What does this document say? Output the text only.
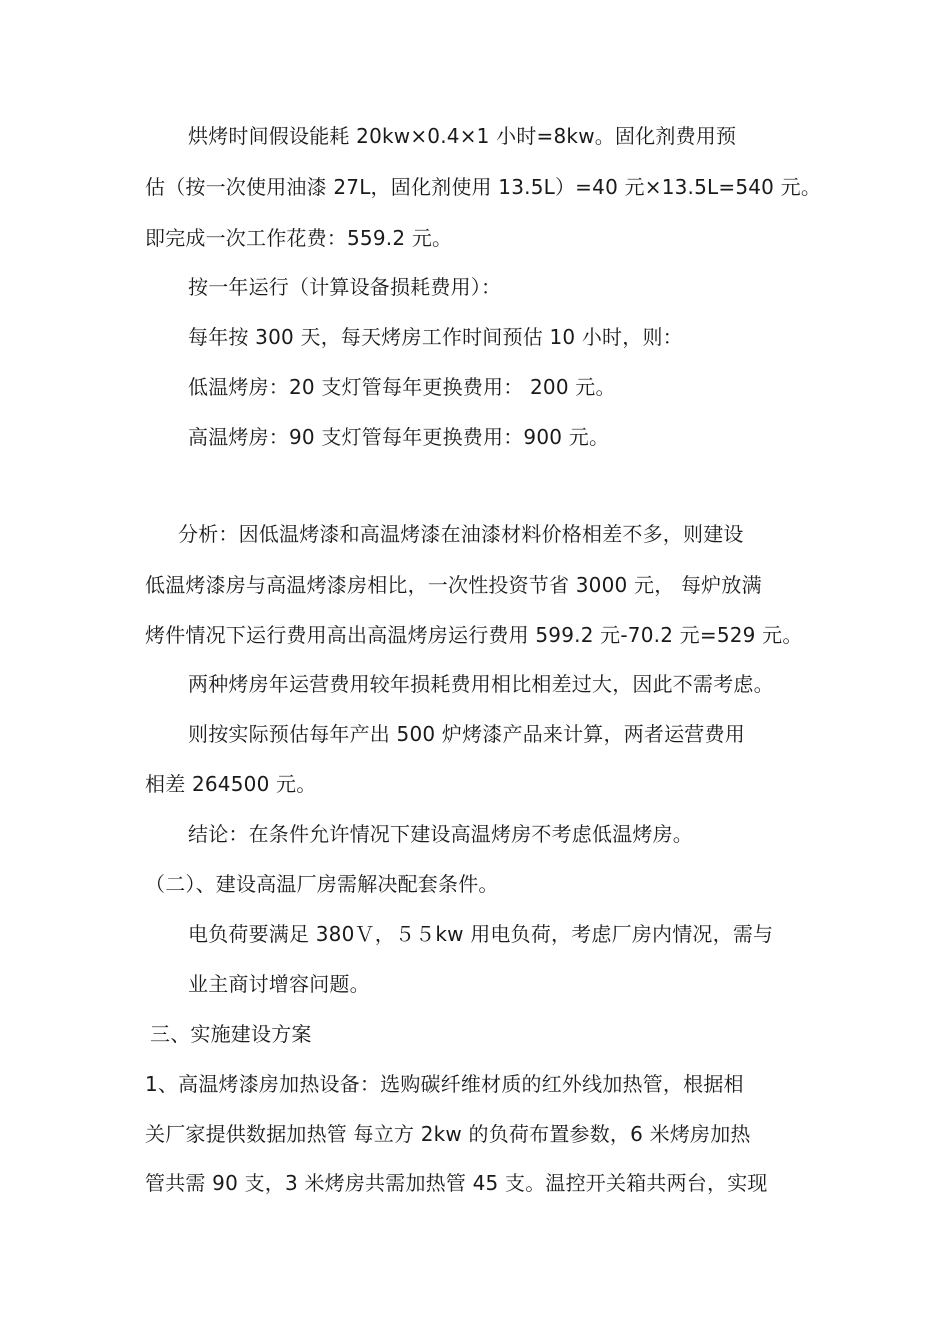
烘烤时间假设能耗 20kw×0.4×1 小时=8kw。固化剂费用预
估（按一次使用油漆 27L，固化剂使用 13.5L）=40 元×13.5L=540 元。
即完成一次工作花费：559.2 元。
按一年运行（计算设备损耗费用）：
每年按 300 天，每天烤房工作时间预估 10 小时，则：
低温烤房：20 支灯管每年更换费用： 200 元。
高温烤房：90 支灯管每年更换费用：900 元。
分析：因低温烤漆和高温烤漆在油漆材料价格相差不多，则建设
低温烤漆房与高温烤漆房相比，一次性投资节省 3000 元， 每炉放满
烤件情况下运行费用高出高温烤房运行费用 599.2 元-70.2 元=529 元。
两种烤房年运营费用较年损耗费用相比相差过大，因此不需考虑。
则按实际预估每年产出 500 炉烤漆产品来计算，两者运营费用
相差 264500 元。
结论：在条件允许情况下建设高温烤房不考虑低温烤房。
（二）、建设高温厂房需解决配套条件。
电负荷要满足 380Ｖ，５５kw 用电负荷，考虑厂房内情况，需与
业主商讨增容问题。
三、实施建设方案
1、高温烤漆房加热设备：选购碳纤维材质的红外线加热管，根据相
关厂家提供数据加热管 每立方 2kw 的负荷布置参数，6 米烤房加热
管共需 90 支，3 米烤房共需加热管 45 支。温控开关箱共两台，实现
